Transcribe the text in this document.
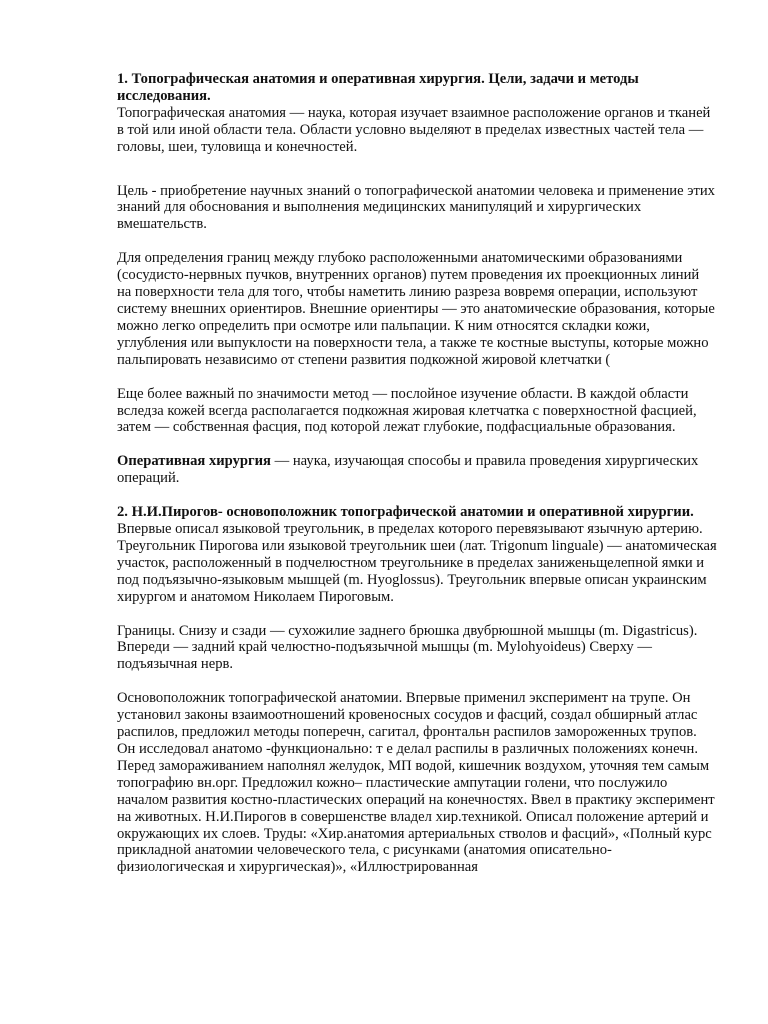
1. Топографическая анатомия и оперативная хирургия. Цели, задачи и методы исследования.

Топографическая анатомия — наука, которая изучает взаимное расположение органов и тканей в той или иной области тела. Области условно выделяют в пределах известных частей тела — головы, шеи, туловища и конечностей.

Цель - приобретение научных знаний о топографической анатомии человека и применение этих знаний для обоснования и выполнения медицинских манипуляций и хирургических вмешательств.

Для определения границ между глубоко расположенными анатомическими образованиями (сосудисто-нервных пучков, внутренних органов) путем проведения их проекционных линий на поверхности тела для того, чтобы наметить линию разреза вовремя операции, используют систему внешних ориентиров. Внешние ориентиры — это анатомические образования, которые можно легко определить при осмотре или пальпации. К ним относятся складки кожи, углубления или выпуклости на поверхности тела, а также те костные выступы, которые можно пальпировать независимо от степени развития подкожной жировой клетчатки (

Еще более важный по значимости метод — послойное изучение области. В каждой области вследза кожей всегда располагается подкожная жировая клетчатка с поверхностной фасцией, затем — собственная фасция, под которой лежат глубокие, подфасциальные образования.

Оперативная хирургия — наука, изучающая способы и правила проведения хирургических операций.

2. Н.И.Пирогов- основоположник топографической анатомии и оперативной хирургии.

Впервые описал языковой треугольник, в пределах которого перевязывают язычную артерию.

Треугольник Пирогова или языковой треугольник шеи (лат. Trigonum linguale) — анатомическая участок, расположенный в подчелюстном треугольнике в пределах заниженьщелепной ямки и под подъязычно-языковым мышцей (m. Hyoglossus). Треугольник впервые описан украинским хирургом и анатомом Николаем Пироговым.

Границы. Снизу и сзади — сухожилие заднего брюшка двубрюшной мышцы (m. Digastricus). Впереди — задний край челюстно-подъязычной мышцы (m. Mylohyoideus) Сверху — подъязычная нерв.

Основоположник топографической анатомии. Впервые применил эксперимент на трупе. Он установил законы взаимоотношений кровеносных сосудов и фасций, создал обширный атлас распилов, предложил методы поперечн, сагитал, фронтальн распилов замороженных трупов. Он исследовал анатомо -функционально: т е делал распилы в различных положениях конечн. Перед замораживанием наполнял желудок, МП водой, кишечник воздухом, уточняя тем самым топографию вн.орг. Предложил кожно– пластические ампутации голени, что послужило началом развития костно-пластических операций на конечностях. Ввел в практику эксперимент на животных. Н.И.Пирогов в совершенстве владел хир.техникой. Описал положение артерий и окружающих их слоев. Труды: «Хир.анатомия артериальных стволов и фасций», «Полный курс прикладной анатомии человеческого тела, с рисунками (анатомия описательно-физиологическая и хирургическая)», «Иллюстрированная
